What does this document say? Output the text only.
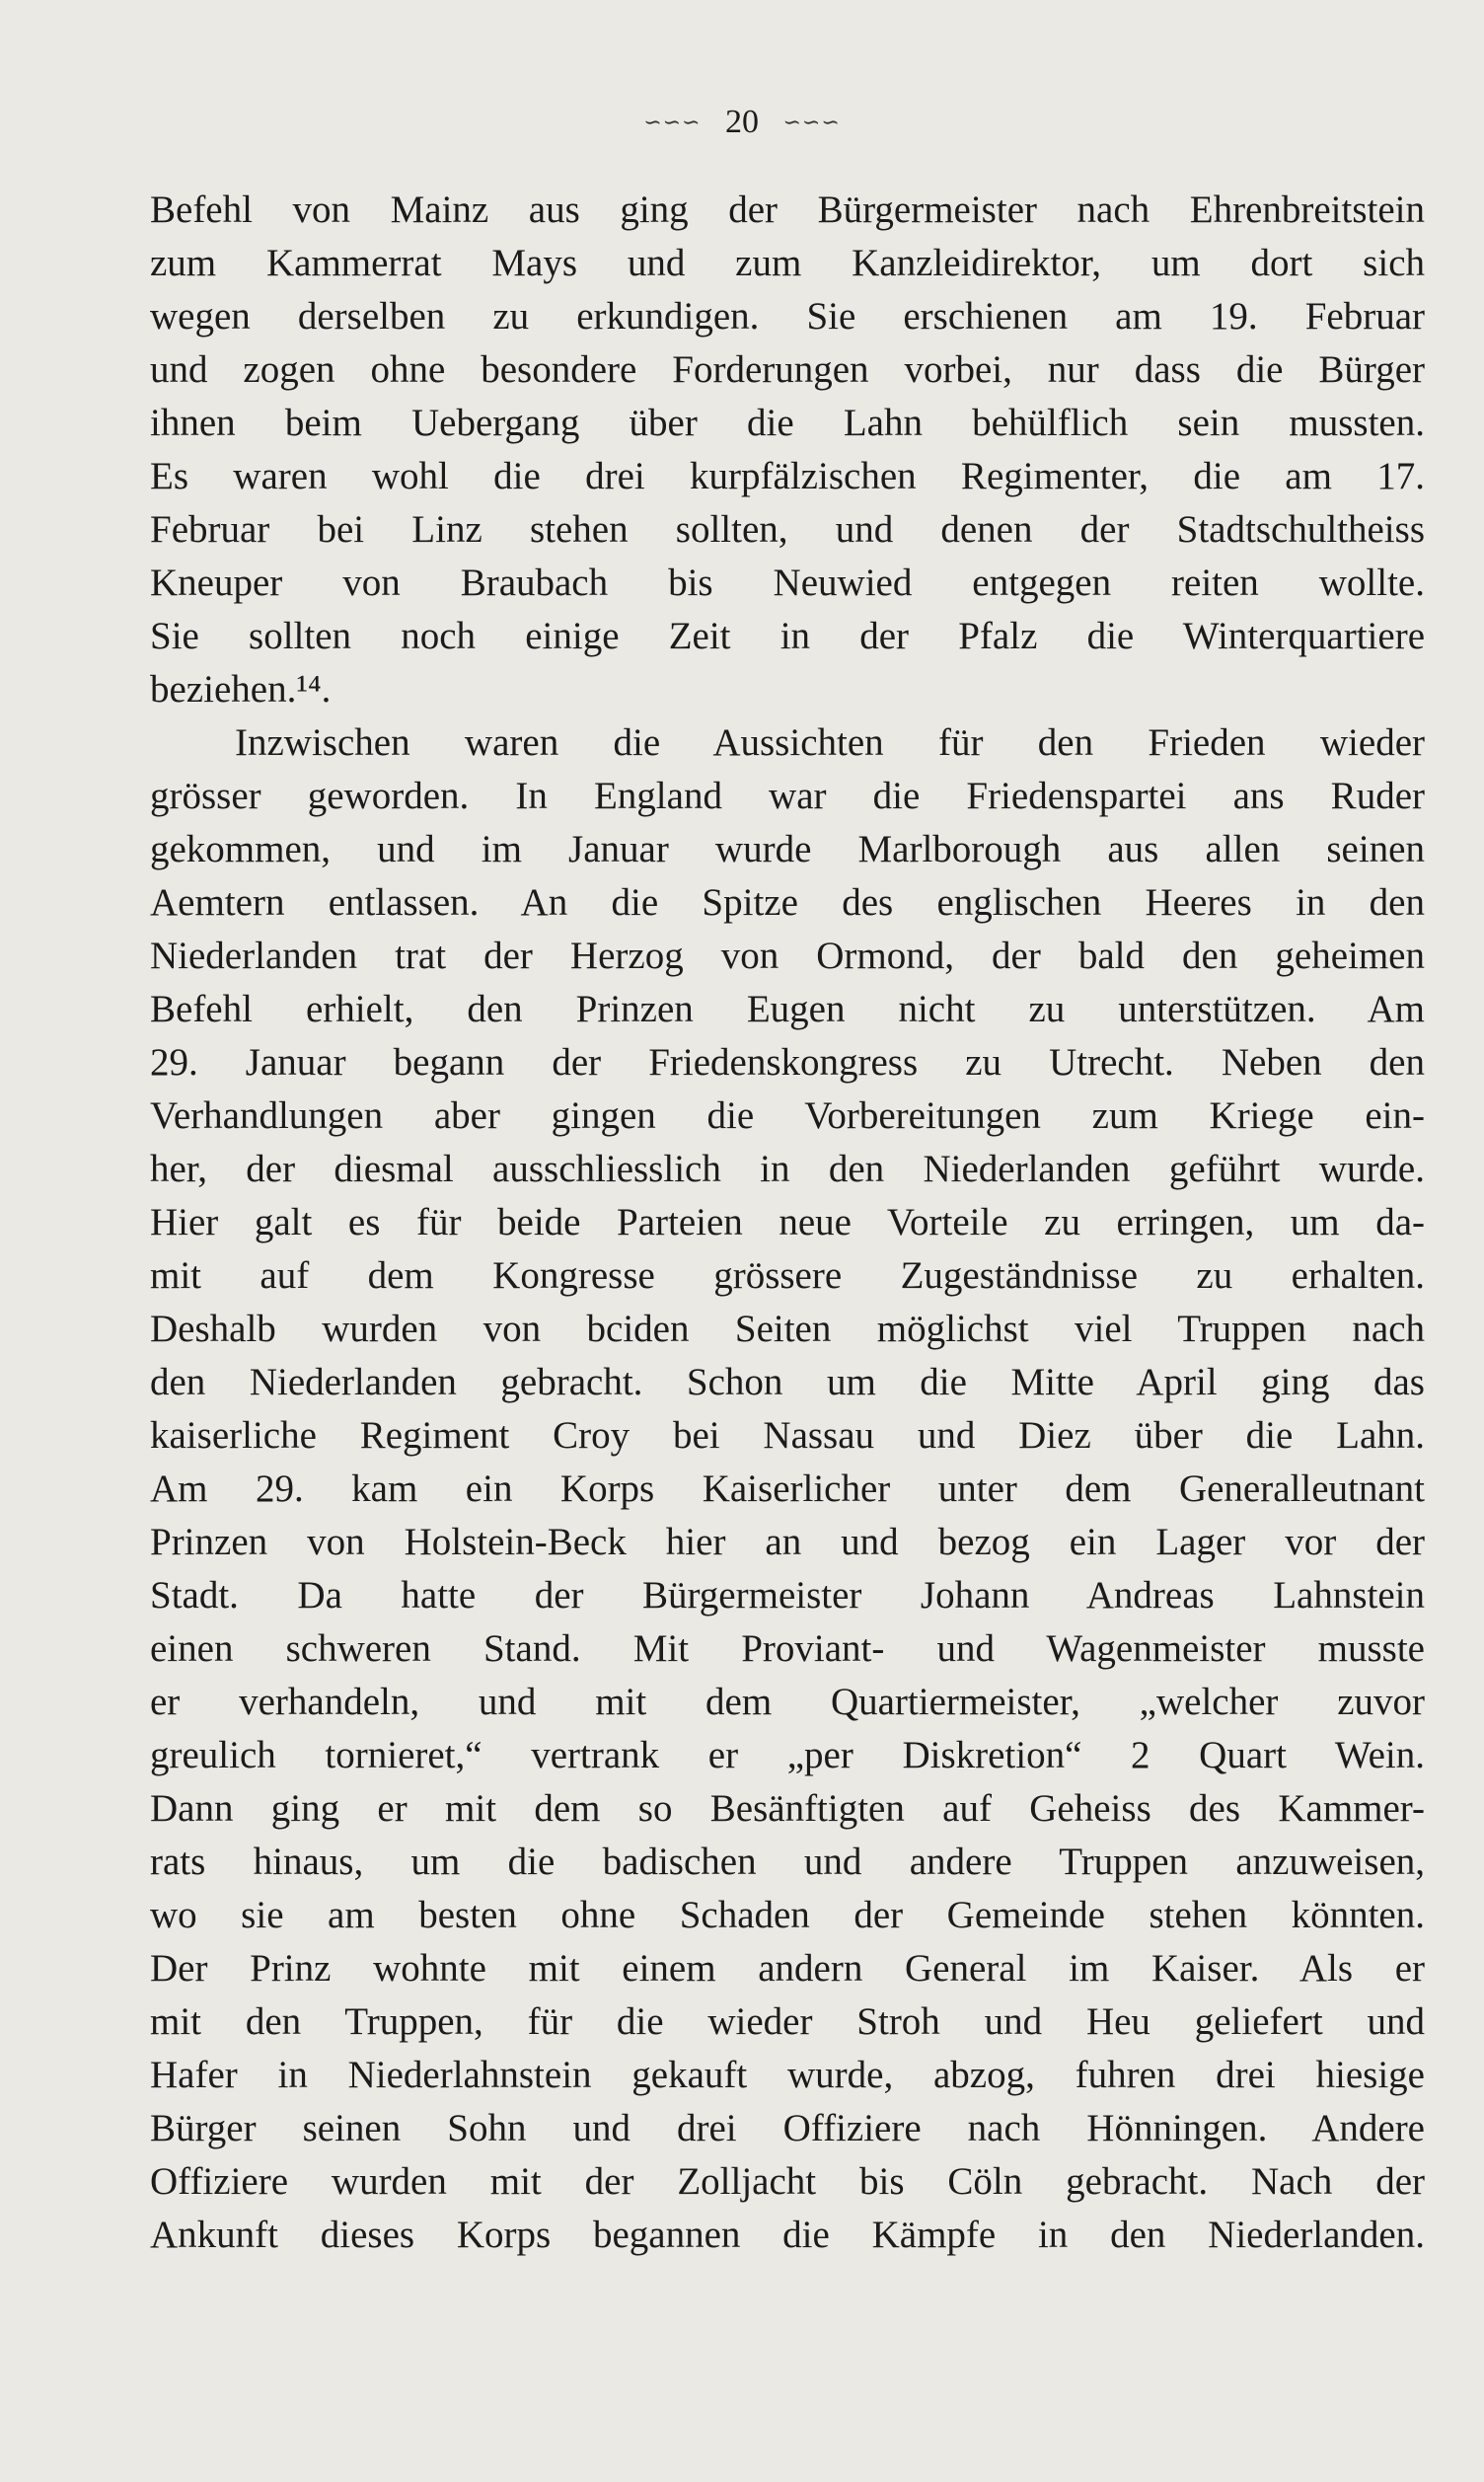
∽∽∽ 20 ∽∽∽
Befehl von Mainz aus ging der Bürgermeister nach Ehrenbreitstein
zum Kammerrat Mays und zum Kanzleidirektor, um dort sich
wegen derselben zu erkundigen. Sie erschienen am 19. Februar
und zogen ohne besondere Forderungen vorbei, nur dass die Bürger
ihnen beim Uebergang über die Lahn behülflich sein mussten.
Es waren wohl die drei kurpfälzischen Regimenter, die am 17.
Februar bei Linz stehen sollten, und denen der Stadtschultheiss
Kneuper von Braubach bis Neuwied entgegen reiten wollte.
Sie sollten noch einige Zeit in der Pfalz die Winterquartiere
beziehen.¹⁴.
Inzwischen waren die Aussichten für den Frieden wieder
grösser geworden. In England war die Friedenspartei ans Ruder
gekommen, und im Januar wurde Marlborough aus allen seinen
Aemtern entlassen. An die Spitze des englischen Heeres in den
Niederlanden trat der Herzog von Ormond, der bald den geheimen
Befehl erhielt, den Prinzen Eugen nicht zu unterstützen. Am
29. Januar begann der Friedenskongress zu Utrecht. Neben den
Verhandlungen aber gingen die Vorbereitungen zum Kriege ein-
her, der diesmal ausschliesslich in den Niederlanden geführt wurde.
Hier galt es für beide Parteien neue Vorteile zu erringen, um da-
mit auf dem Kongresse grössere Zugeständnisse zu erhalten.
Deshalb wurden von bciden Seiten möglichst viel Truppen nach
den Niederlanden gebracht. Schon um die Mitte April ging das
kaiserliche Regiment Croy bei Nassau und Diez über die Lahn.
Am 29. kam ein Korps Kaiserlicher unter dem Generalleutnant
Prinzen von Holstein-Beck hier an und bezog ein Lager vor der
Stadt. Da hatte der Bürgermeister Johann Andreas Lahnstein
einen schweren Stand. Mit Proviant- und Wagenmeister musste
er verhandeln, und mit dem Quartiermeister, „welcher zuvor
greulich tornieret,“ vertrank er „per Diskretion“ 2 Quart Wein.
Dann ging er mit dem so Besänftigten auf Geheiss des Kammer-
rats hinaus, um die badischen und andere Truppen anzuweisen,
wo sie am besten ohne Schaden der Gemeinde stehen könnten.
Der Prinz wohnte mit einem andern General im Kaiser. Als er
mit den Truppen, für die wieder Stroh und Heu geliefert und
Hafer in Niederlahnstein gekauft wurde, abzog, fuhren drei hiesige
Bürger seinen Sohn und drei Offiziere nach Hönningen. Andere
Offiziere wurden mit der Zolljacht bis Cöln gebracht. Nach der
Ankunft dieses Korps begannen die Kämpfe in den Niederlanden.
